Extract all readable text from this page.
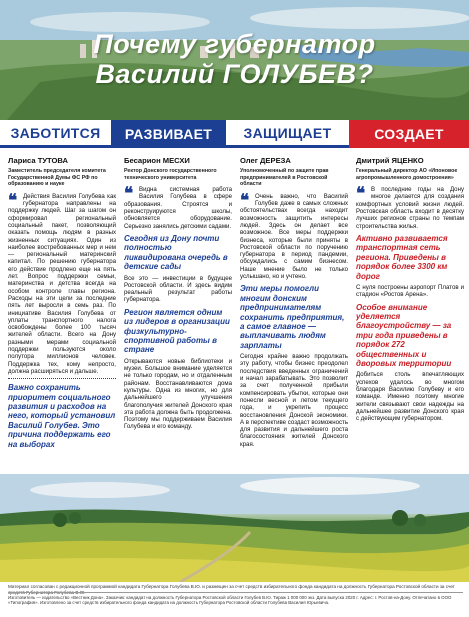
Почему губернатор
Василий ГОЛУБЕВ?
ЗАБОТИТСЯ	РАЗВИВАЕТ	ЗАЩИЩАЕТ	СОЗДАЕТ
Лариса ТУТОВА
Заместитель председателя комитета Государственной Думы ФС РФ по образованию и науке
❝ Действия Василия Голубева как губернатора направлены на поддержку людей. Шаг за шагом он сформировал региональный социальный пакет, позволяющий оказать помощь людям в разных жизненных ситуациях. Один из наиболее востребованных мер и нем — региональный материнский капитал. По решению губернатора его действие продлено еще на пять лет. Вопрос поддержки семьи, материнства и детства всегда на особом контроле главы региона. Расходы на эти цели за последние пять лет выросли в семь раз. По инициативе Василия Голубева от уплаты транспортного налога освобождены более 100 тысяч жителей области. Всего на Дону разными мерами социальной поддержки пользуются около полутора миллионов человек. Поддержка тех, кому непросто, должна расширяться и дальше.

Важно сохранить приоритет социального развития и расходов на него, который установил Василий Голубев. Это причина поддержать его на выборах
Бесарион МЕСХИ
Ректор Донского государственного технического университета
❝ Видна системная работа Василия Голубева в сфере образования. Строятся и реконструируются школы, обновляется оборудование. Серьезно занялись детскими садами.

Сегодня из Дону почти полностью ликвидирована очередь в детские сады

Все это — инвестиции в будущее Ростовской области. И здесь видим реальный результат работы губернатора.

Регион является одним из лидеров в организации физкультурно-спортивной работы в стране

Открываются новые библиотеки и музеи. Большое внимание уделяется не только городам, но и отдаленным районам. Восстанавливаются дома культуры. Одна из многих, но для дальнейшего улучшения благополучия жителей Донского края эта работа должна быть продолжена. Поэтому мы поддерживаем Василия Голубева и его команду.

Олег ДЕРЕЗА
Уполномоченный по защите прав предпринимателей в Ростовской области
❝ Очень важно, что Василий Голубев даже в самых сложных обстоятельствах всегда находит возможность защитить интересы людей. Здесь он делает все возможное. Все меры поддержки бизнеса, которые были приняты в Ростовской области по поручению губернатора в период пандемии, обсуждались с самим бизнесом. Наше мнение было не только услышано, но и учтено.

Эти меры помогли многим донским предпринимателям сохранить предприятия, а самое главное — выплачивать людям зарплаты

Сегодня крайне важно продолжать эту работу, чтобы бизнес преодолел последствия введенных ограничений и начал зарабатывать. Это позволит за счет полученной прибыли компенсировать убытки, которые они понесли весной и летом текущего года, и укрепить процесс восстановления Донской экономики. А в перспективе создаст возможность для развития и дальнейшего роста благосостояния жителей Донского края.

Дмитрий ЯЦЕНКО
Генеральный директор АО «Ипоновое агропромышленного домостроения»
❝ В последние годы на Дону многое делается для создания комфортных условий жизни людей. Ростовская область входит в десятку лучших регионов страны по темпам строительства жилья.

Активно развивается транспортная сеть региона. Приведены в порядок более 3300 км дорог

С нуля построены аэропорт Платов и стадион «Ростов Арена».

Особое внимание уделяется благоустройству — за три года приведены в порядок 272 общественных и дворовых территории

Добиться столь впечатляющих успехов удалось во многом благодаря Василию Голубеву и его команде. Именно поэтому многие жители связывают свои надежды на дальнейшее развитие Донского края с действующим губернатором.

Материал согласован с редакционной программой кандидата Губернатора Голубева В.Ю. и размещен за счет средств избирательного фонда кандидата на должность Губернатора Ростовской области за счет средств Губернатора Голубева В.Ю.
Изготовитель — издательство «Вестник Дона». Заказчик: кандидат на должность Губернатора Ростовской области Голубев В.Ю. Тираж 1 000 000 экз. Дата выпуска 2020 г. Адрес: г. Ростов-на-Дону. Отпечатано в ООО «Типография». Изготовлено за счет средств избирательного фонда кандидата на должность Губернатора Ростовской области Голубева Василия Юрьевича.
